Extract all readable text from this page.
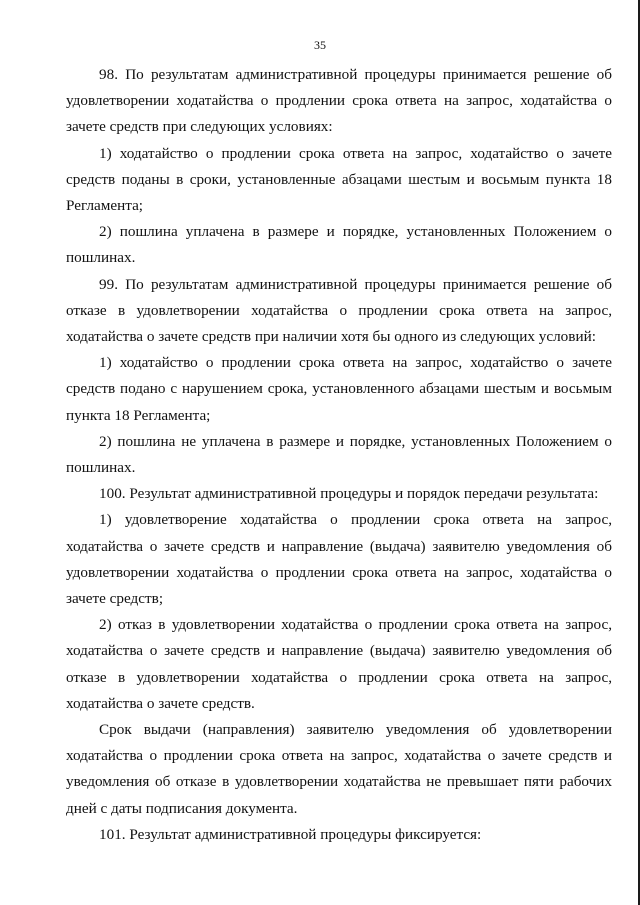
35

98. По результатам административной процедуры принимается решение об удовлетворении ходатайства о продлении срока ответа на запрос, ходатайства о зачете средств при следующих условиях:

1) ходатайство о продлении срока ответа на запрос, ходатайство о зачете средств поданы в сроки, установленные абзацами шестым и восьмым пункта 18 Регламента;

2) пошлина уплачена в размере и порядке, установленных Положением о пошлинах.

99. По результатам административной процедуры принимается решение об отказе в удовлетворении ходатайства о продлении срока ответа на запрос, ходатайства о зачете средств при наличии хотя бы одного из следующих условий:

1) ходатайство о продлении срока ответа на запрос, ходатайство о зачете средств подано с нарушением срока, установленного абзацами шестым и восьмым пункта 18 Регламента;

2) пошлина не уплачена в размере и порядке, установленных Положением о пошлинах.

100. Результат административной процедуры и порядок передачи результата:

1) удовлетворение ходатайства о продлении срока ответа на запрос, ходатайства о зачете средств и направление (выдача) заявителю уведомления об удовлетворении ходатайства о продлении срока ответа на запрос, ходатайства о зачете средств;

2) отказ в удовлетворении ходатайства о продлении срока ответа на запрос, ходатайства о зачете средств и направление (выдача) заявителю уведомления об отказе в удовлетворении ходатайства о продлении срока ответа на запрос, ходатайства о зачете средств.

Срок выдачи (направления) заявителю уведомления об удовлетворении ходатайства о продлении срока ответа на запрос, ходатайства о зачете средств и уведомления об отказе в удовлетворении ходатайства не превышает пяти рабочих дней с даты подписания документа.

101. Результат административной процедуры фиксируется:
